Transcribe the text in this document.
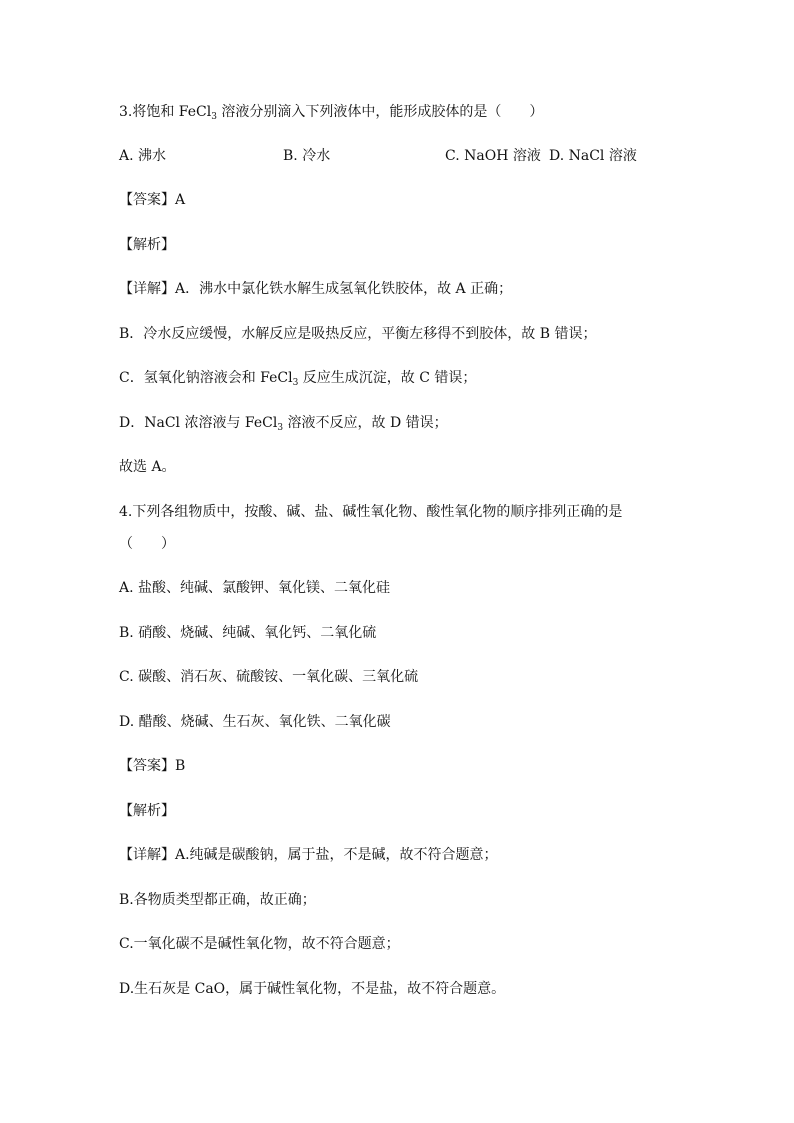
3.将饱和 FeCl$_3$ 溶液分别滴入下列液体中，能形成胶体的是（　　）
A. 沸水	B. 冷水	C. NaOH 溶液 D. NaCl 溶液
【答案】A
【解析】
【详解】A．沸水中氯化铁水解生成氢氧化铁胶体，故 A 正确；
B．冷水反应缓慢，水解反应是吸热反应，平衡左移得不到胶体，故 B 错误；
C．氢氧化钠溶液会和 FeCl$_3$ 反应生成沉淀，故 C 错误；
D．NaCl 浓溶液与 FeCl$_3$ 溶液不反应，故 D 错误；
故选 A。
4.下列各组物质中，按酸、碱、盐、碱性氧化物、酸性氧化物的顺序排列正确的是
（　　）
A. 盐酸、纯碱、氯酸钾、氧化镁、二氧化硅
B. 硝酸、烧碱、纯碱、氧化钙、二氧化硫
C. 碳酸、消石灰、硫酸铵、一氧化碳、三氧化硫
D. 醋酸、烧碱、生石灰、氧化铁、二氧化碳
【答案】B
【解析】
【详解】A.纯碱是碳酸钠，属于盐，不是碱，故不符合题意；
B.各物质类型都正确，故正确；
C.一氧化碳不是碱性氧化物，故不符合题意；
D.生石灰是 CaO，属于碱性氧化物，不是盐，故不符合题意。
